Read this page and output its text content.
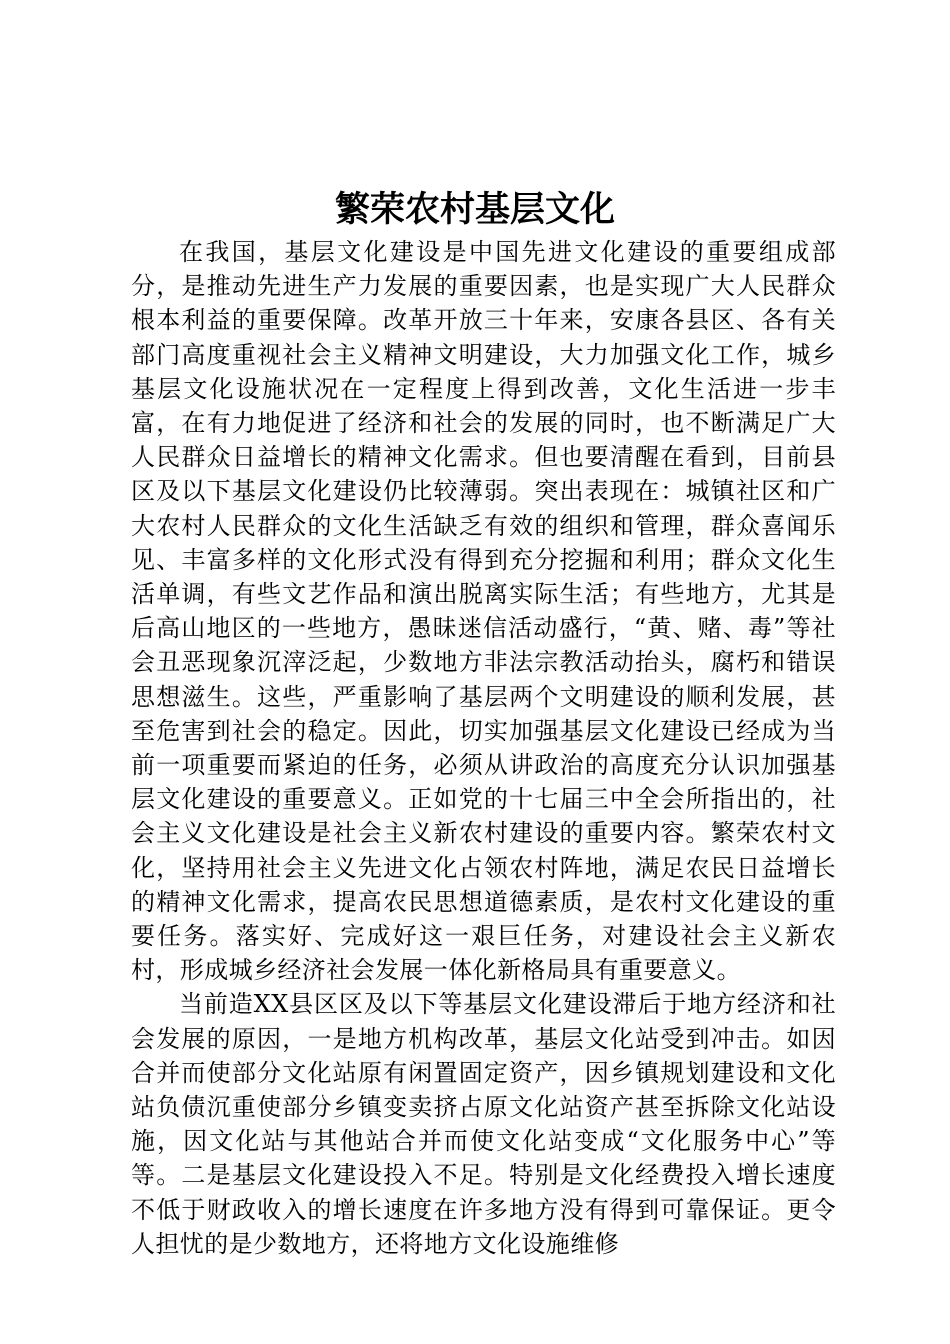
繁荣农村基层文化

在我国，基层文化建设是中国先进文化建设的重要组成部分，是推动先进生产力发展的重要因素，也是实现广大人民群众根本利益的重要保障。改革开放三十年来，安康各县区、各有关部门高度重视社会主义精神文明建设，大力加强文化工作，城乡基层文化设施状况在一定程度上得到改善，文化生活进一步丰富，在有力地促进了经济和社会的发展的同时，也不断满足广大人民群众日益增长的精神文化需求。但也要清醒在看到，目前县区及以下基层文化建设仍比较薄弱。突出表现在：城镇社区和广大农村人民群众的文化生活缺乏有效的组织和管理，群众喜闻乐见、丰富多样的文化形式没有得到充分挖掘和利用；群众文化生活单调，有些文艺作品和演出脱离实际生活；有些地方，尤其是后高山地区的一些地方，愚昧迷信活动盛行，“黄、赌、毒”等社会丑恶现象沉滓泛起，少数地方非法宗教活动抬头，腐朽和错误思想滋生。这些，严重影响了基层两个文明建设的顺利发展，甚至危害到社会的稳定。因此，切实加强基层文化建设已经成为当前一项重要而紧迫的任务，必须从讲政治的高度充分认识加强基层文化建设的重要意义。正如党的十七届三中全会所指出的，社会主义文化建设是社会主义新农村建设的重要内容。繁荣农村文化，坚持用社会主义先进文化占领农村阵地，满足农民日益增长的精神文化需求，提高农民思想道德素质，是农村文化建设的重要任务。落实好、完成好这一艰巨任务，对建设社会主义新农村，形成城乡经济社会发展一体化新格局具有重要意义。

当前造XX县区区及以下等基层文化建设滞后于地方经济和社会发展的原因，一是地方机构改革，基层文化站受到冲击。如因合并而使部分文化站原有闲置固定资产，因乡镇规划建设和文化站负债沉重使部分乡镇变卖挤占原文化站资产甚至拆除文化站设施，因文化站与其他站合并而使文化站变成“文化服务中心”等等。二是基层文化建设投入不足。特别是文化经费投入增长速度不低于财政收入的增长速度在许多地方没有得到可靠保证。更令人担忧的是少数地方，还将地方文化设施维修
